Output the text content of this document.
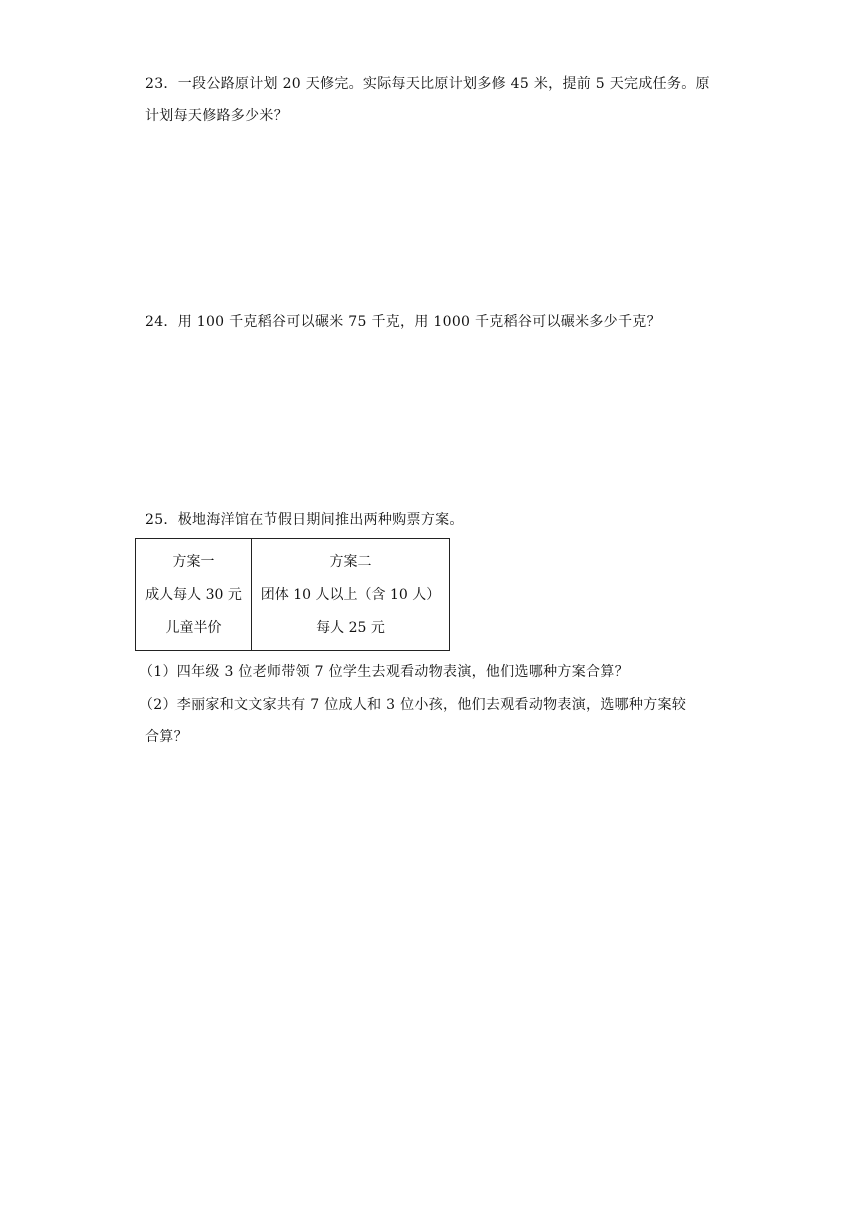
23．一段公路原计划 20 天修完。实际每天比原计划多修 45 米，提前 5 天完成任务。原
计划每天修路多少米？
24．用 100 千克稻谷可以碾米 75 千克，用 1000 千克稻谷可以碾米多少千克？
25．极地海洋馆在节假日期间推出两种购票方案。
方案一
成人每人 30 元
儿童半价
方案二
团体 10 人以上（含 10 人）
每人 25 元
（1）四年级 3 位老师带领 7 位学生去观看动物表演，他们选哪种方案合算？
（2）李丽家和文文家共有 7 位成人和 3 位小孩，他们去观看动物表演，选哪种方案较
合算？
